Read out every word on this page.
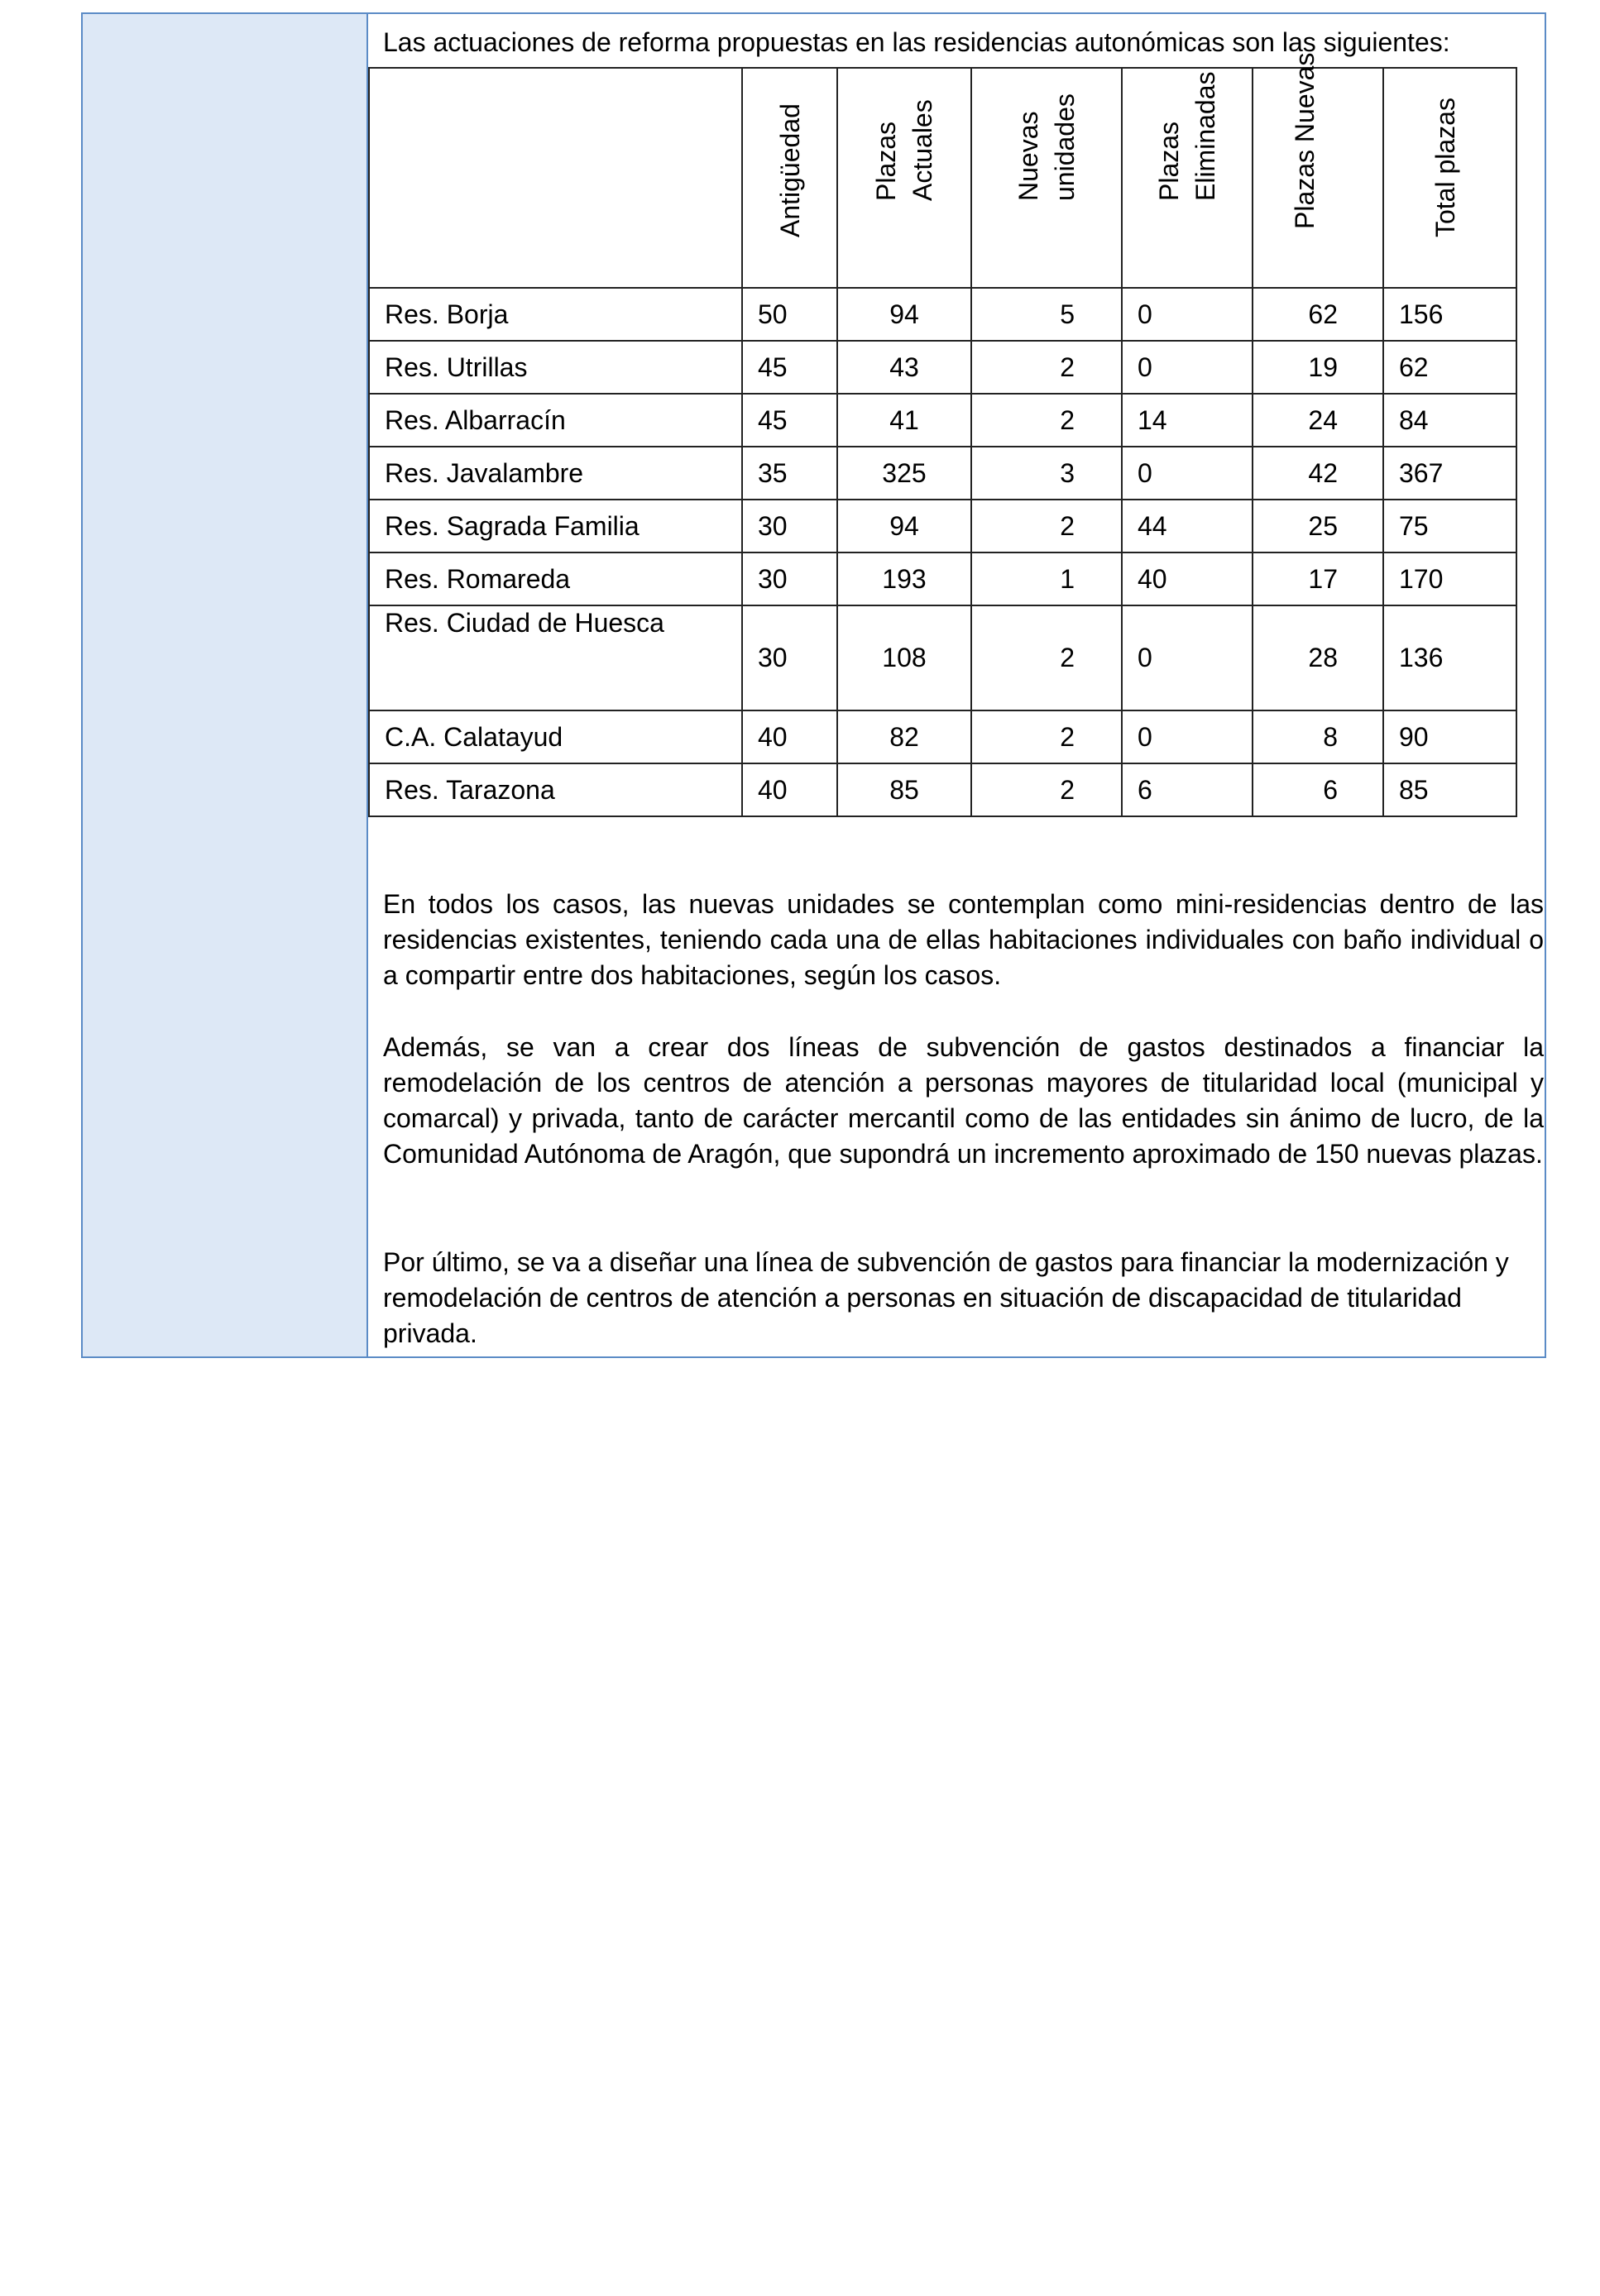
Las actuaciones de reforma propuestas en las residencias autonómicas son las siguientes:

	Antigüedad	Plazas Actuales	Nuevas unidades	Plazas Eliminadas	Plazas Nuevas	Total plazas

Res. Borja	50	94	5	0	62	156
Res. Utrillas	45	43	2	0	19	62
Res. Albarracín	45	41	2	14	24	84
Res. Javalambre	35	325	3	0	42	367
Res. Sagrada Familia	30	94	2	44	25	75
Res. Romareda	30	193	1	40	17	170
Res. Ciudad de Huesca	30	108	2	0	28	136
C.A. Calatayud	40	82	2	0	8	90
Res. Tarazona	40	85	2	6	6	85
En todos los casos, las nuevas unidades se contemplan como mini-residencias dentro de las residencias existentes, teniendo cada una de ellas habitaciones individuales con baño individual o a compartir entre dos habitaciones, según los casos.
Además, se van a crear dos líneas de subvención de gastos destinados a financiar la remodelación de los centros de atención a personas mayores de titularidad local (municipal y comarcal) y privada, tanto de carácter mercantil como de las entidades sin ánimo de lucro, de la Comunidad Autónoma de Aragón, que supondrá un incremento aproximado de 150 nuevas plazas.
Por último, se va a diseñar una línea de subvención de gastos para financiar la modernización y remodelación de centros de atención a personas en situación de discapacidad de titularidad privada.
